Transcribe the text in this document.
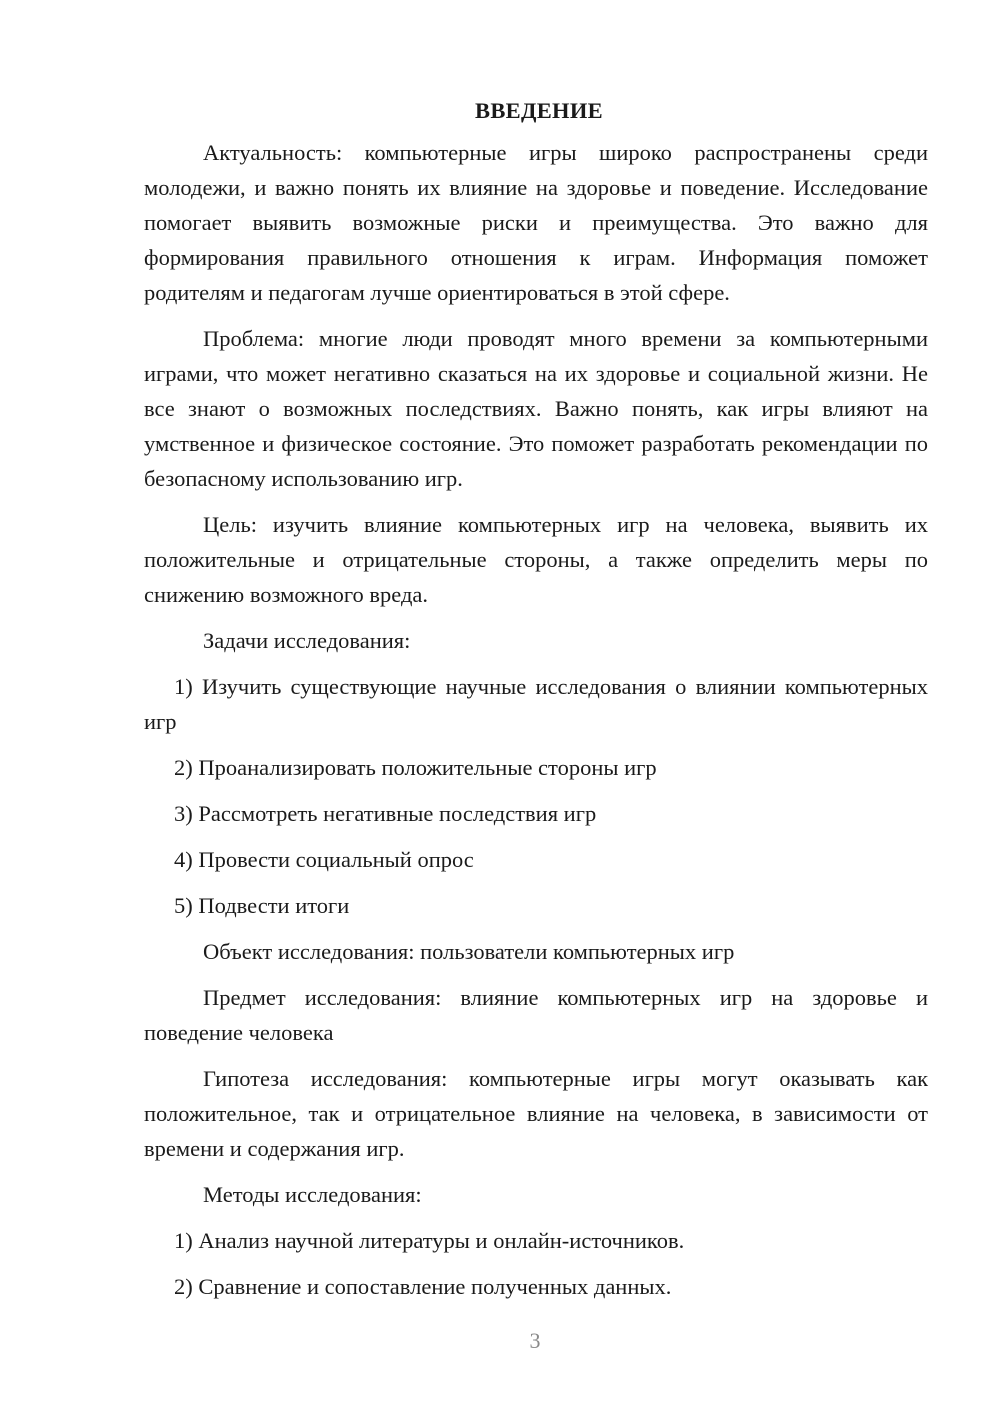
ВВЕДЕНИЕ

Актуальность: компьютерные игры широко распространены среди молодежи, и важно понять их влияние на здоровье и поведение. Исследование помогает выявить возможные риски и преимущества. Это важно для формирования правильного отношения к играм. Информация поможет родителям и педагогам лучше ориентироваться в этой сфере.

Проблема: многие люди проводят много времени за компьютерными играми, что может негативно сказаться на их здоровье и социальной жизни. Не все знают о возможных последствиях. Важно понять, как игры влияют на умственное и физическое состояние. Это поможет разработать рекомендации по безопасному использованию игр.

Цель: изучить влияние компьютерных игр на человека, выявить их положительные и отрицательные стороны, а также определить меры по снижению возможного вреда.

Задачи исследования:

1) Изучить существующие научные исследования о влиянии компьютерных игр

2) Проанализировать положительные стороны игр

3) Рассмотреть негативные последствия игр

4) Провести социальный опрос

5) Подвести итоги

Объект исследования: пользователи компьютерных игр

Предмет исследования: влияние компьютерных игр на здоровье и поведение человека

Гипотеза исследования: компьютерные игры могут оказывать как положительное, так и отрицательное влияние на человека, в зависимости от времени и содержания игр.

Методы исследования:

1) Анализ научной литературы и онлайн-источников.

2) Сравнение и сопоставление полученных данных.

3
